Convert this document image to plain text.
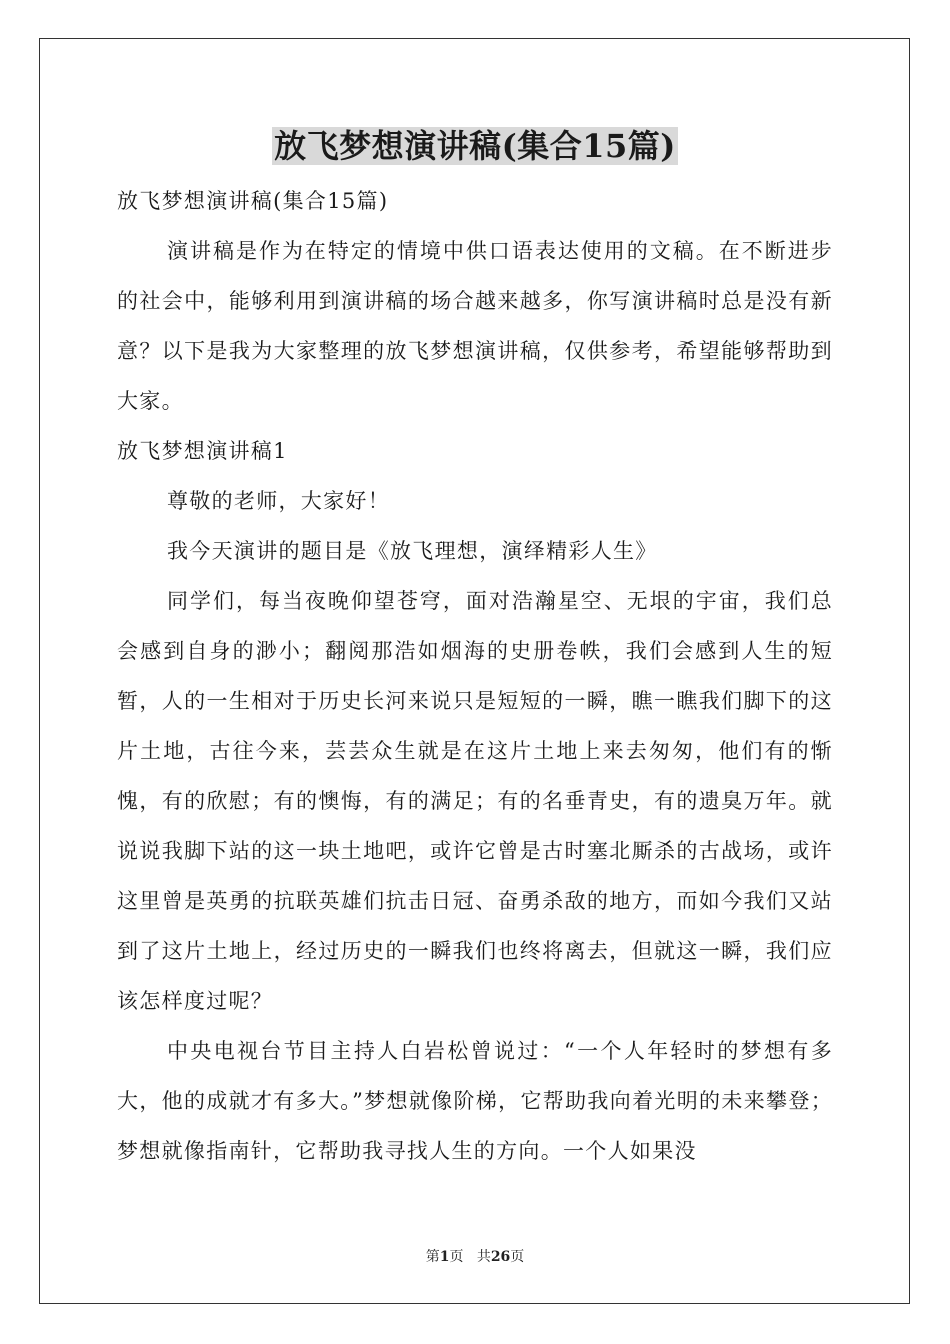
放飞梦想演讲稿(集合15篇)

放飞梦想演讲稿(集合15篇)

演讲稿是作为在特定的情境中供口语表达使用的文稿。在不断进步的社会中，能够利用到演讲稿的场合越来越多，你写演讲稿时总是没有新意？以下是我为大家整理的放飞梦想演讲稿，仅供参考，希望能够帮助到大家。

放飞梦想演讲稿1

尊敬的老师，大家好！

我今天演讲的题目是《放飞理想，演绎精彩人生》

同学们，每当夜晚仰望苍穹，面对浩瀚星空、无垠的宇宙，我们总会感到自身的渺小；翻阅那浩如烟海的史册卷帙，我们会感到人生的短暂，人的一生相对于历史长河来说只是短短的一瞬，瞧一瞧我们脚下的这片土地，古往今来，芸芸众生就是在这片土地上来去匆匆，他们有的惭愧，有的欣慰；有的懊悔，有的满足；有的名垂青史，有的遗臭万年。就说说我脚下站的这一块土地吧，或许它曾是古时塞北厮杀的古战场，或许这里曾是英勇的抗联英雄们抗击日冠、奋勇杀敌的地方，而如今我们又站到了这片土地上，经过历史的一瞬我们也终将离去，但就这一瞬，我们应该怎样度过呢？

中央电视台节目主持人白岩松曾说过：“一个人年轻时的梦想有多大，他的成就才有多大。”梦想就像阶梯，它帮助我向着光明的未来攀登；梦想就像指南针，它帮助我寻找人生的方向。一个人如果没

第1页 共26页
